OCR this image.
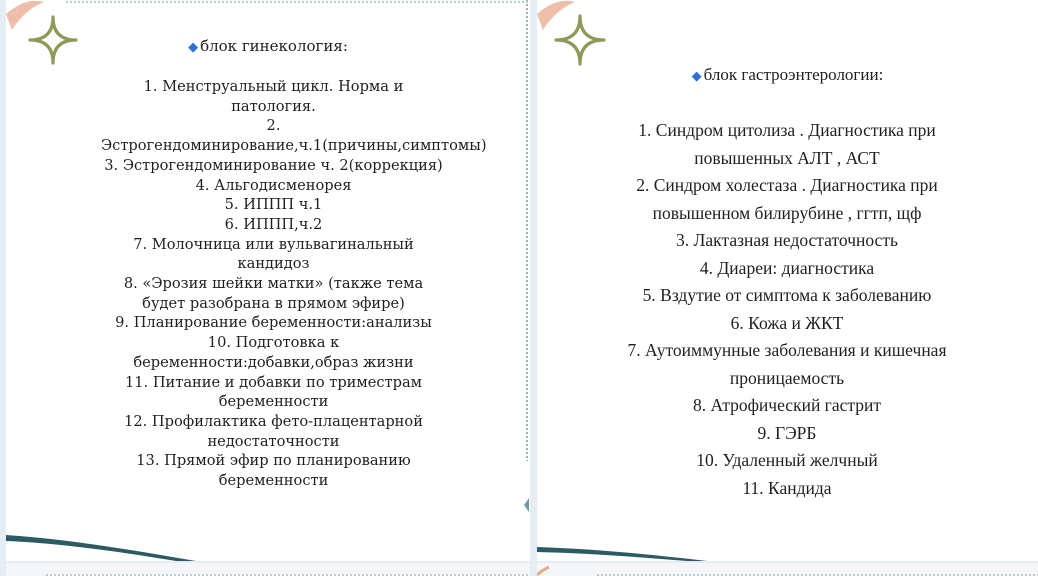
◆ блок гинекология:
1. Менструальный цикл. Норма и патология.
2. Эстрогендоминирование,ч.1(причины,симптомы)
3. Эстрогендоминирование ч. 2(коррекция)
4. Альгодисменорея
5. ИППП ч.1
6. ИППП,ч.2
7. Молочница или вульвагинальный кандидоз
8. «Эрозия шейки матки» (также тема будет разобрана в прямом эфире)
9. Планирование беременности:анализы
10. Подготовка к беременности:добавки,образ жизни
11. Питание и добавки по триместрам беременности
12. Профилактика фето-плацентарной недостаточности
13. Прямой эфир по планированию беременности
◆ блок гастроэнтерологии:
1. Синдром цитолиза . Диагностика при повышенных АЛТ , АСТ
2. Синдром холестаза . Диагностика при повышенном билирубине , ггтп, щф
3. Лактазная недостаточность
4. Диареи: диагностика
5. Вздутие от симптома к заболеванию
6. Кожа и ЖКТ
7. Аутоиммунные заболевания и кишечная проницаемость
8. Атрофический гастрит
9. ГЭРБ
10. Удаленный желчный
11. Кандида
